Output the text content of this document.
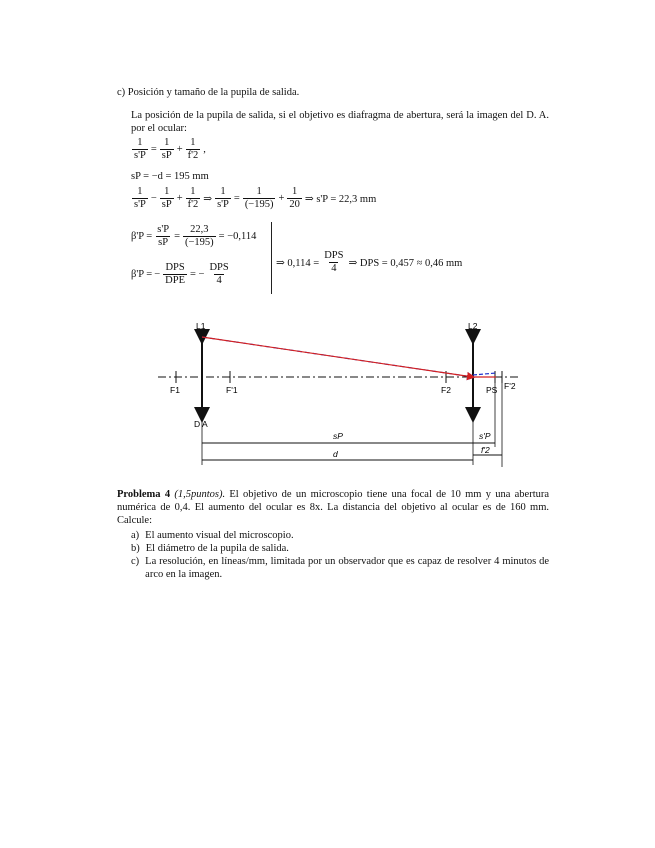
c) Posición y tamaño de la pupila de salida.
La posición de la pupila de salida, si el objetivo es diafragma de abertura, será la imagen del D. A. por el ocular:
$\frac{1}{s'P} = \frac{1}{sP} + \frac{1}{f'2}$ ,
sP = −d = 195 mm
$\frac{1}{s'P} - \frac{1}{sP} + \frac{1}{f'2}$ ⇒ $\frac{1}{s'P} = \frac{1}{(-195)} + \frac{1}{20}$ ⇒ s'P = 22,3 mm
$\beta'P = \frac{s'P}{sP} = \frac{22,3}{(-195)} = -0,114$
β'P = − $\frac{\text{DPS}}{\text{DPE}}$ = − $\frac{\text{DPS}}{4}$	⇒ $0,114 = \frac{\text{DPS}}{4}$ ⇒ DPS = 0,457 ≈ 0,46 mm
L1	L2
D A
F1	F'1	F2	PS F'2
sP
d
s'P
f'2
Problema 4 (1,5puntos). El objetivo de un microscopio tiene una focal de 10 mm y una abertura numérica de 0,4. El aumento del ocular es 8x. La distancia del objetivo al ocular es de 160 mm. Calcule:
a) El aumento visual del microscopio.
b) El diámetro de la pupila de salida.
c) La resolución, en líneas/mm, limitada por un observador que es capaz de resolver 4 minutos de arco en la imagen.
